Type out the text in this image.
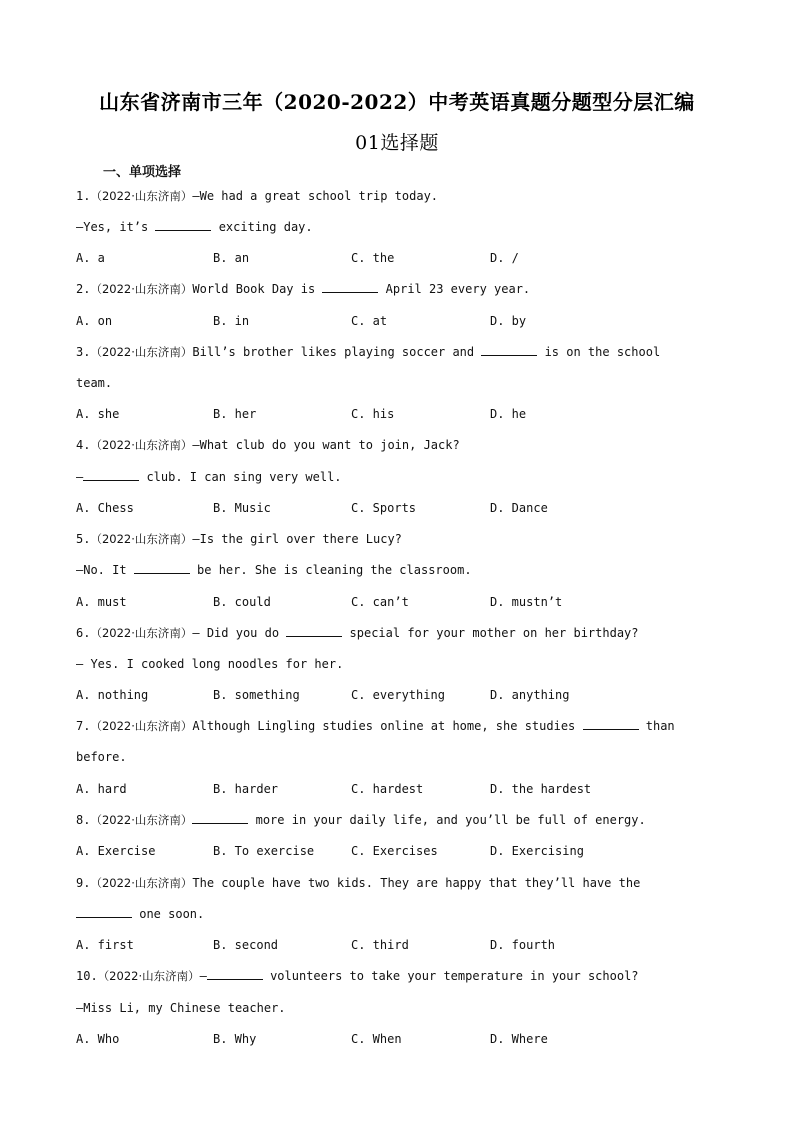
山东省济南市三年（2020-2022）中考英语真题分题型分层汇编
01选择题
一、单项选择
1.（2022·山东济南）—We had a great school trip today.
—Yes, it’s	exciting day.
A. a	B. an	C. the	D. /
2.（2022·山东济南）World Book Day is	April 23 every year.
A. on	B. in	C. at	D. by
3.（2022·山东济南）Bill’s brother likes playing soccer and	is on the school
team.
A. she	B. her	C. his	D. he
4.（2022·山东济南）—What club do you want to join, Jack?
—	club. I can sing very well.
A. Chess	B. Music	C. Sports	D. Dance
5.（2022·山东济南）—Is the girl over there Lucy?
—No. It	be her. She is cleaning the classroom.
A. must	B. could	C. can’t	D. mustn’t
6.（2022·山东济南）— Did you do	special for your mother on her birthday?
— Yes. I cooked long noodles for her.
A. nothing	B. something	C. everything	D. anything
7.（2022·山东济南）Although Lingling studies online at home, she studies	than
before.
A. hard	B. harder	C. hardest	D. the hardest
8.（2022·山东济南）	more in your daily life, and you’ll be full of energy.
A. Exercise	B. To exercise	C. Exercises	D. Exercising
9.（2022·山东济南）The couple have two kids. They are happy that they’ll have the
one soon.
A. first	B. second	C. third	D. fourth
10.（2022·山东济南）—	volunteers to take your temperature in your school?
—Miss Li, my Chinese teacher.
A. Who	B. Why	C. When	D. Where
